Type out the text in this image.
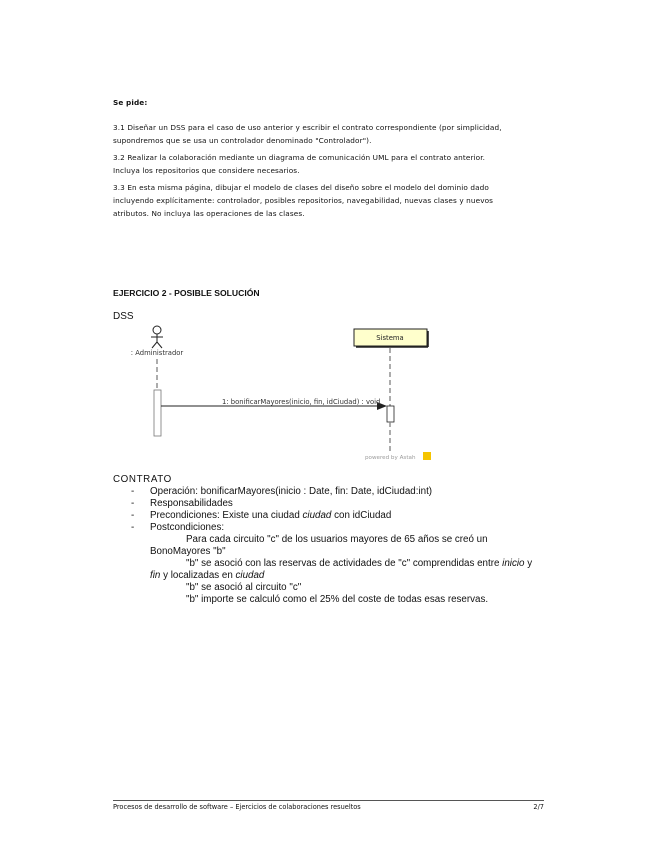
Se pide:
3.1 Diseñar un DSS para el caso de uso anterior y escribir el contrato correspondiente (por simplicidad,
supondremos que se usa un controlador denominado "Controlador").
3.2 Realizar la colaboración mediante un diagrama de comunicación UML para el contrato anterior.
Incluya los repositorios que considere necesarios.
3.3 En esta misma página, dibujar el modelo de clases del diseño sobre el modelo del dominio dado
incluyendo explícitamente: controlador, posibles repositorios, navegabilidad, nuevas clases y nuevos
atributos. No incluya las operaciones de las clases.
EJERCICIO 2 - POSIBLE SOLUCIÓN
DSS
: Administrador
Sistema
1: bonificarMayores(inicio, fin, idCiudad) : void
powered by Astah
CONTRATO
- Operación: bonificarMayores(inicio : Date, fin: Date, idCiudad:int)
- Responsabilidades
- Precondiciones: Existe una ciudad ciudad con idCiudad
- Postcondiciones:
Para cada circuito "c" de los usuarios mayores de 65 años se creó un
BonoMayores "b"
"b" se asoció con las reservas de actividades de "c" comprendidas entre inicio y
fin y localizadas en ciudad
"b" se asoció al circuito "c"
"b" importe se calculó como el 25% del coste de todas esas reservas.
Procesos de desarrollo de software – Ejercicios de colaboraciones resueltos	2/7
